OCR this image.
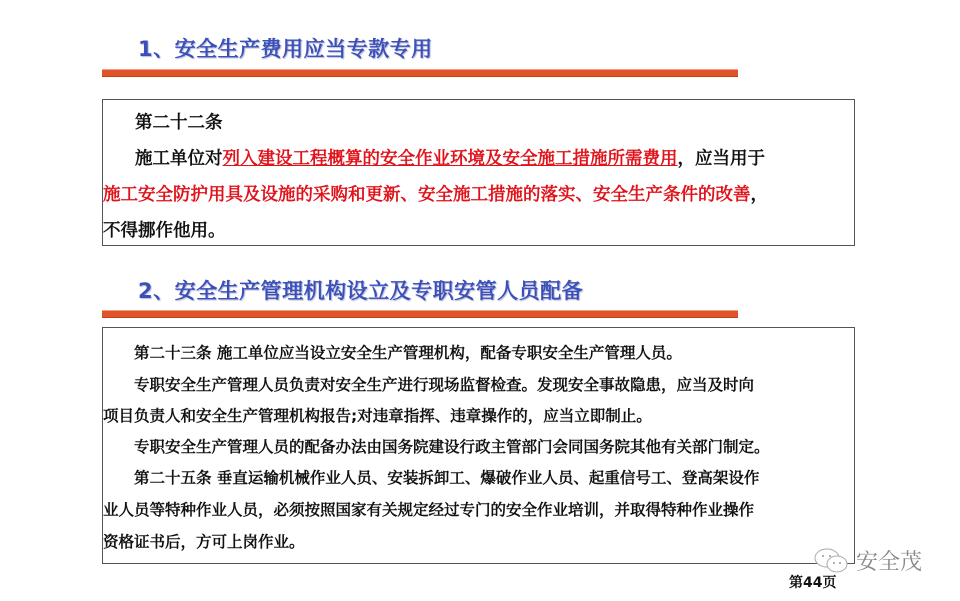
1、安全生产费用应当专款专用
第二十二条
施工单位对列入建设工程概算的安全作业环境及安全施工措施所需费用，应当用于
施工安全防护用具及设施的采购和更新、安全施工措施的落实、安全生产条件的改善，
不得挪作他用。
2、安全生产管理机构设立及专职安管人员配备
　　第二十三条 施工单位应当设立安全生产管理机构，配备专职安全生产管理人员。
　　专职安全生产管理人员负责对安全生产进行现场监督检查。发现安全事故隐患，应当及时向
项目负责人和安全生产管理机构报告;对违章指挥、违章操作的，应当立即制止。
　　专职安全生产管理人员的配备办法由国务院建设行政主管部门会同国务院其他有关部门制定。
　　第二十五条 垂直运输机械作业人员、安装拆卸工、爆破作业人员、起重信号工、登高架设作
业人员等特种作业人员，必须按照国家有关规定经过专门的安全作业培训，并取得特种作业操作
资格证书后，方可上岗作业。
安全茂
第44页
